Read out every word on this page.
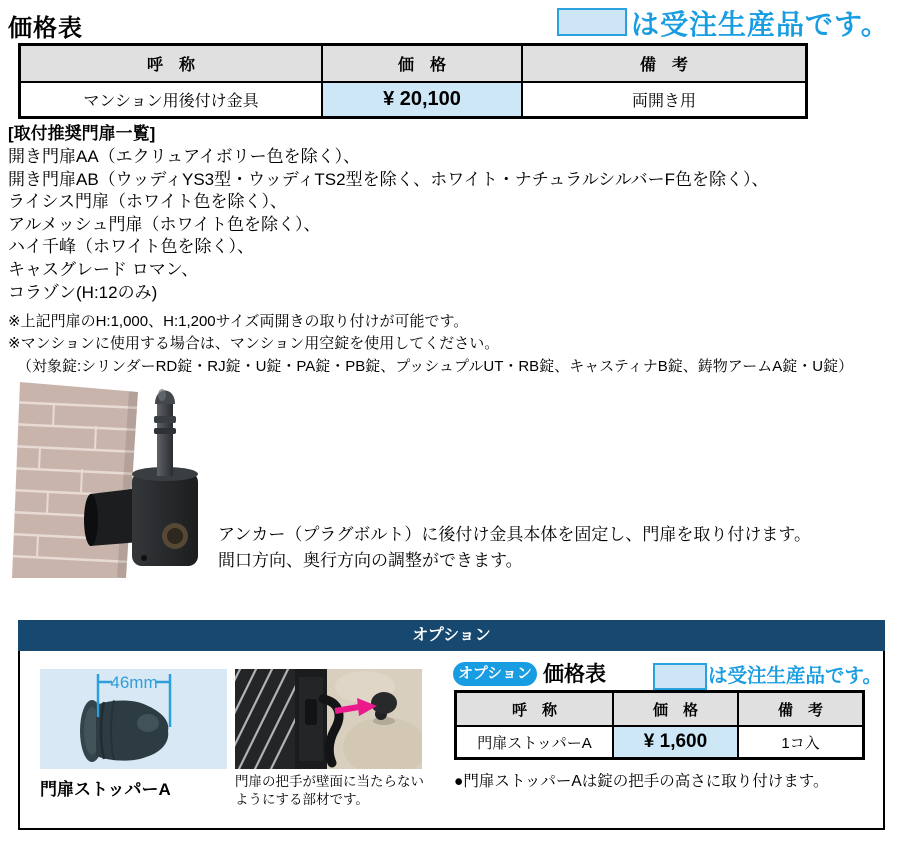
価格表	は受注生産品です。
呼　称	価　格	備　考
マンション用後付け金具	¥ 20,100	両開き用
[取付推奨門扉一覧]
開き門扉AA（エクリュアイボリー色を除く）、
開き門扉AB（ウッディYS3型・ウッディTS2型を除く、ホワイト・ナチュラルシルバーF色を除く）、
ライシス門扉（ホワイト色を除く）、
アルメッシュ門扉（ホワイト色を除く）、
ハイ千峰（ホワイト色を除く）、
キャスグレード ロマン、
コラゾン(H:12のみ)
※上記門扉のH:1,000、H:1,200サイズ両開きの取り付けが可能です。
※マンションに使用する場合は、マンション用空錠を使用してください。
（対象錠:シリンダーRD錠・RJ錠・U錠・PA錠・PB錠、プッシュプルUT・RB錠、キャスティナB錠、鋳物アームA錠・U錠）
アンカー（プラグボルト）に後付け金具本体を固定し、門扉を取り付けます。
間口方向、奥行方向の調整ができます。
オプション
46mm
門扉ストッパーA	門扉の把手が壁面に当たらない
ようにする部材です。
オプション 価格表	は受注生産品です。
呼　称	価　格	備　考
門扉ストッパーA	¥ 1,600	1コ入
●門扉ストッパーAは錠の把手の高さに取り付けます。
